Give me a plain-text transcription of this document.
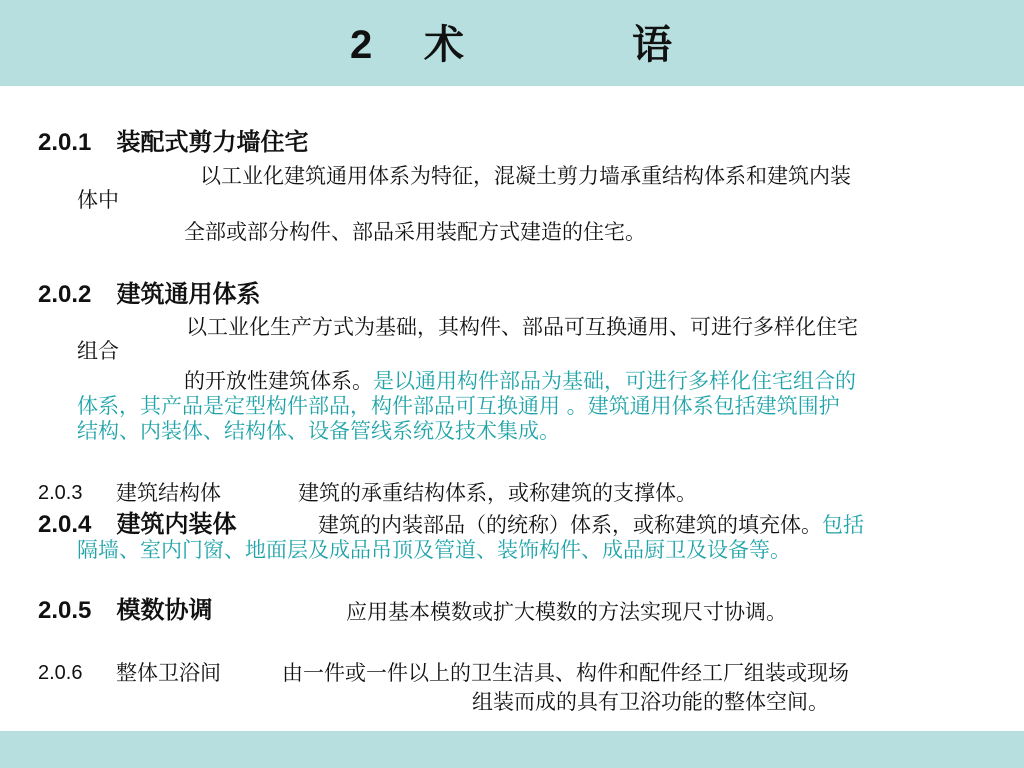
2 术	语
2.0.1 装配式剪力墙住宅
以工业化建筑通用体系为特征，混凝土剪力墙承重结构体系和建筑内装
体中
全部或部分构件、部品采用装配方式建造的住宅。
2.0.2 建筑通用体系
以工业化生产方式为基础，其构件、部品可互换通用、可进行多样化住宅
组合
的开放性建筑体系。是以通用构件部品为基础，可进行多样化住宅组合的
体系，其产品是定型构件部品，构件部品可互换通用 。建筑通用体系包括建筑围护
结构、内装体、结构体、设备管线系统及技术集成。
2.0.3 建筑结构体	建筑的承重结构体系，或称建筑的支撑体。
2.0.4 建筑内装体	建筑的内装部品（的统称）体系，或称建筑的填充体。包括
隔墙、室内门窗、地面层及成品吊顶及管道、装饰构件、成品厨卫及设备等。
2.0.5 模数协调	应用基本模数或扩大模数的方法实现尺寸协调。
2.0.6 整体卫浴间	由一件或一件以上的卫生洁具、构件和配件经工厂组装或现场
组装而成的具有卫浴功能的整体空间。
